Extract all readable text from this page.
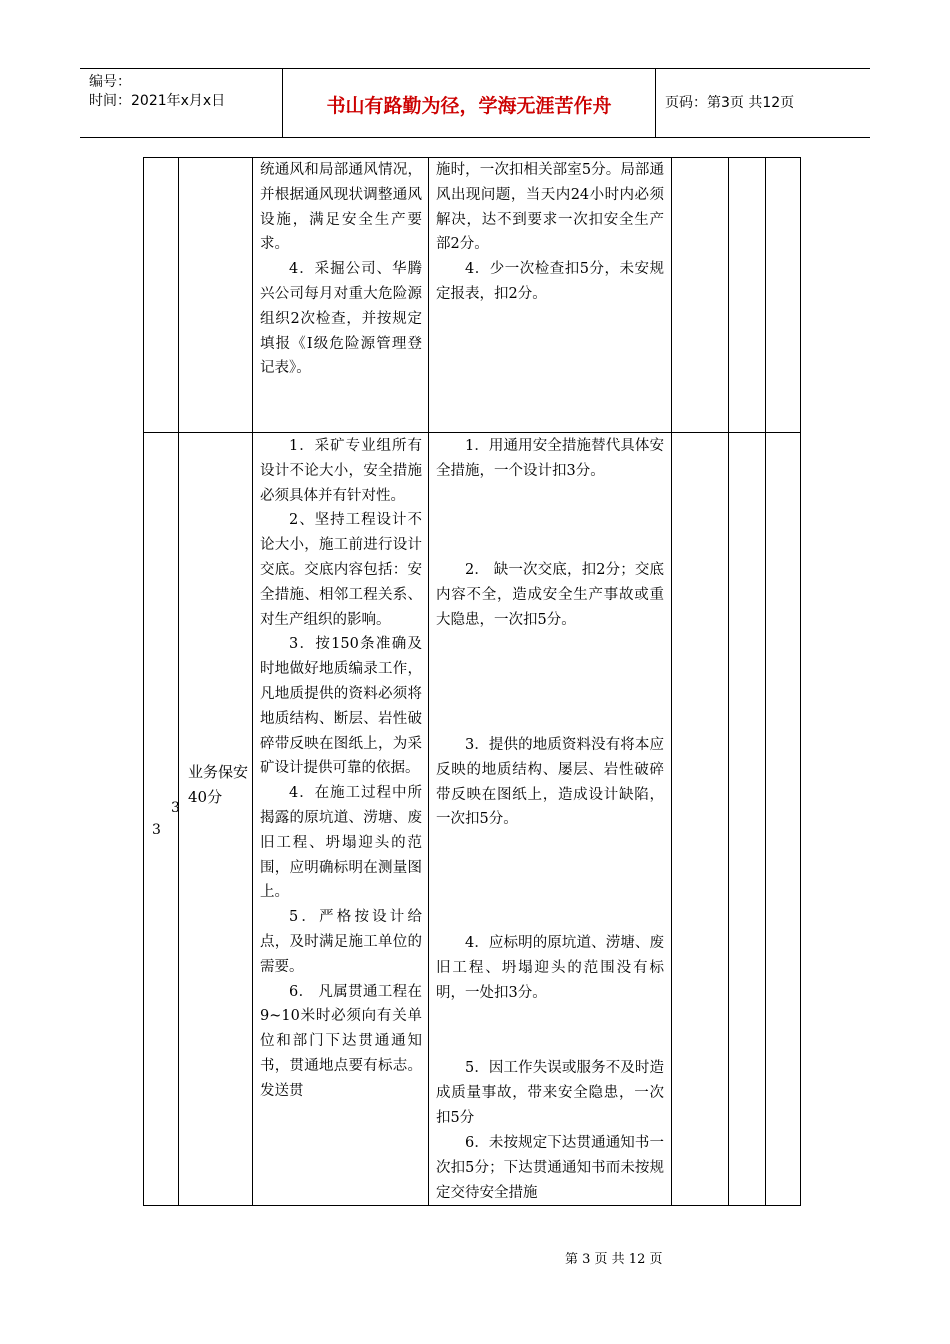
编号：
时间：2021年x月x日	书山有路勤为径，学海无涯苦作舟	页码：第3页 共12页

统通风和局部通风情况，并根据通风现状调整通风设施，满足安全生产要求。

4．采掘公司、华腾兴公司每月对重大危险源组织2次检查，并按规定填报《Ⅰ级危险源管理登记表》。

施时，一次扣相关部室5分。局部通风出现问题，当天内24小时内必须解决，达不到要求一次扣安全生产部2分。

4．少一次检查扣5分，未安规定报表，扣2分。

3
3
业务保安 40分

1．采矿专业组所有设计不论大小，安全措施必须具体并有针对性。

2、坚持工程设计不论大小，施工前进行设计交底。交底内容包括：安全措施、相邻工程关系、对生产组织的影响。

3．按150条准确及时地做好地质编录工作，凡地质提供的资料必须将地质结构、断层、岩性破碎带反映在图纸上，为采矿设计提供可靠的依据。

4．在施工过程中所揭露的原坑道、涝塘、废旧工程、坍塌迎头的范围，应明确标明在测量图上。

5．严格按设计给点，及时满足施工单位的需要。

6． 凡属贯通工程在9~10米时必须向有关单位和部门下达贯通通知书，贯通地点要有标志。发送贯

1．用通用安全措施替代具体安全措施，一个设计扣3分。

2． 缺一次交底，扣2分；交底内容不全，造成安全生产事故或重大隐患，一次扣5分。

3．提供的地质资料没有将本应反映的地质结构、屡层、岩性破碎带反映在图纸上，造成设计缺陷，一次扣5分。

4．应标明的原坑道、涝塘、废旧工程、坍塌迎头的范围没有标明，一处扣3分。

5．因工作失误或服务不及时造成质量事故，带来安全隐患，一次扣5分

6．未按规定下达贯通通知书一次扣5分；下达贯通通知书而未按规定交待安全措施

第 3 页 共 12 页
